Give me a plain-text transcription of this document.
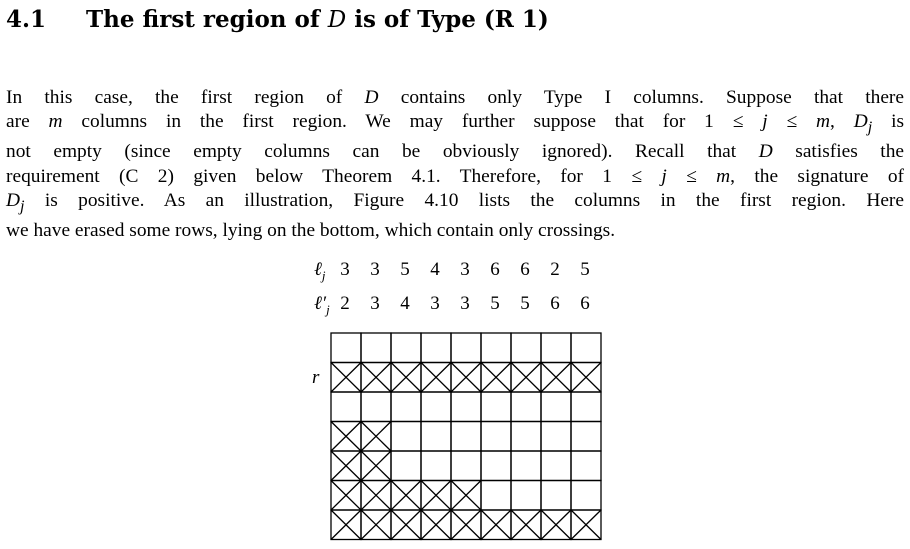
4.1 The first region of D is of Type (R 1)
In this case, the first region of D contains only Type I columns. Suppose that there
are m columns in the first region. We may further suppose that for 1 ≤ j ≤ m, $D_j$ is
not empty (since empty columns can be obviously ignored). Recall that D satisfies the
requirement (C 2) given below Theorem 4.1. Therefore, for 1 ≤ j ≤ m, the signature of
$D_j$ is positive. As an illustration, Figure 4.10 lists the columns in the first region. Here
we have erased some rows, lying on the bottom, which contain only crossings.
ℓ$_j$ 3	3	5	4	3	6	6	2	5
$\ell'_j$ 2	3	4	3	3	5	5	6	6
r
